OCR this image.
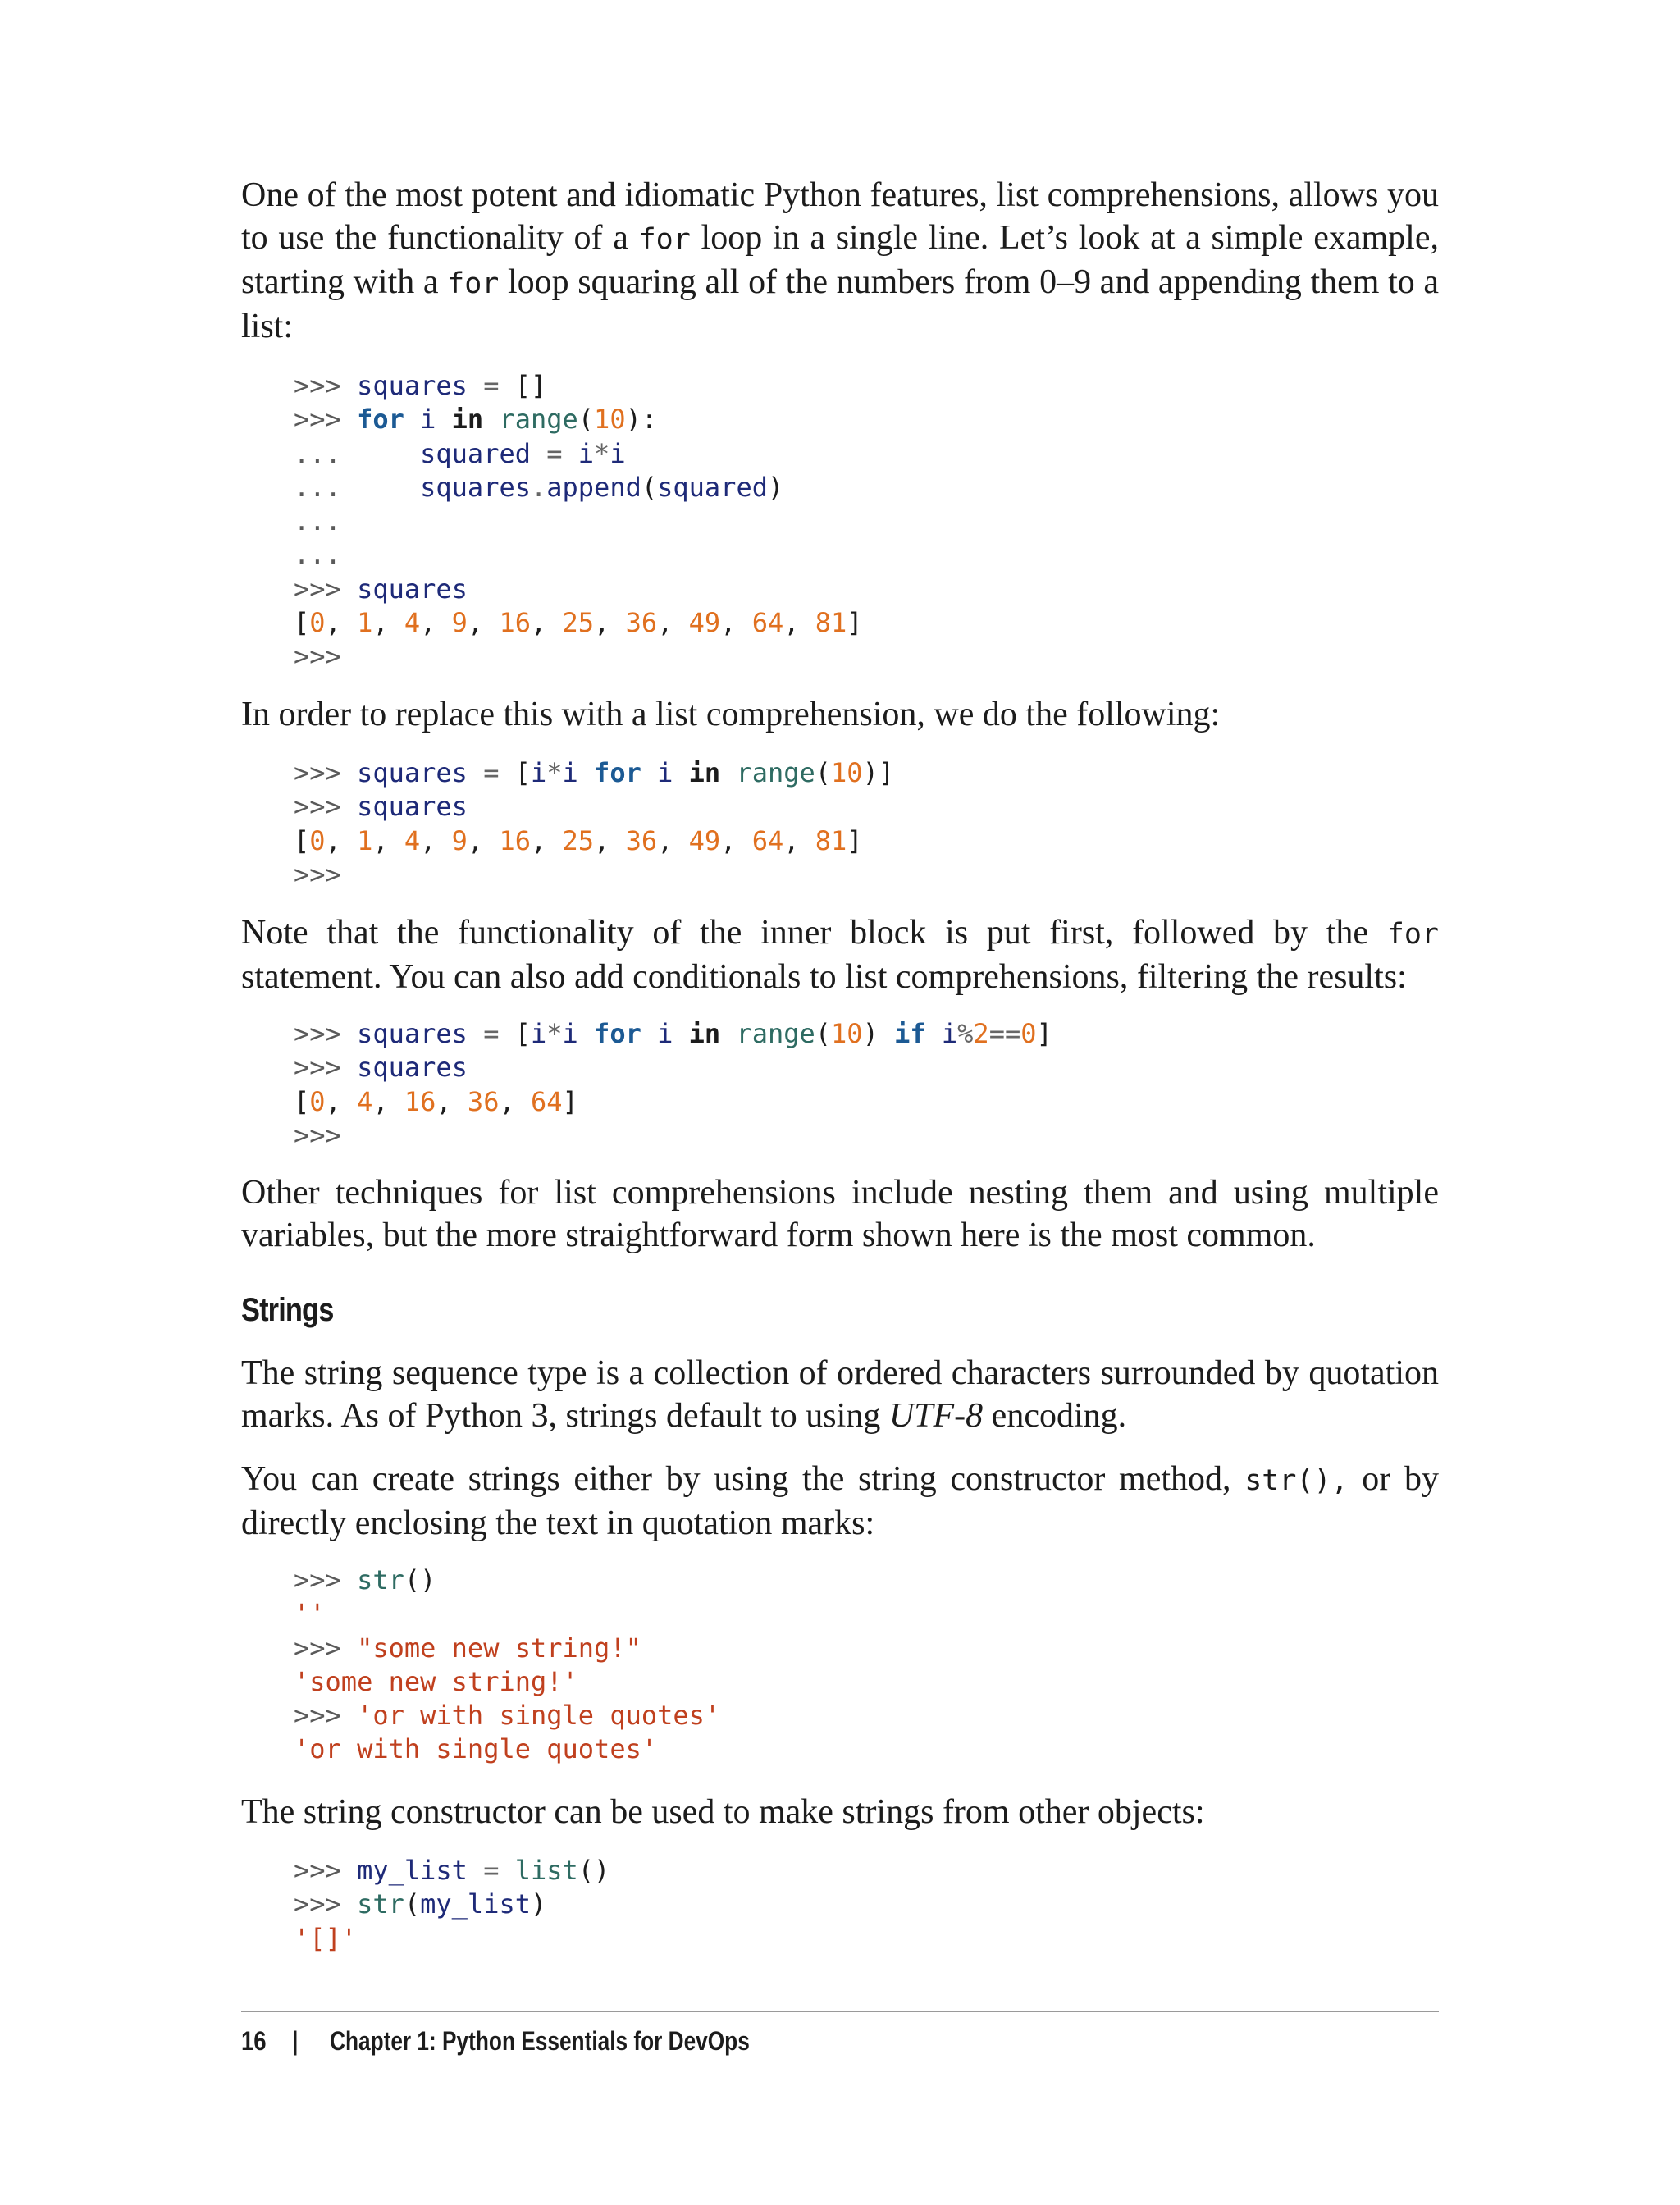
One of the most potent and idiomatic Python features, list comprehensions, allows you to use the functionality of a for loop in a single line. Let’s look at a simple example, starting with a for loop squaring all of the numbers from 0–9 and appending them to a list:

>>> squares = []
>>> for i in range(10):
...     squared = i*i
...     squares.append(squared)
...
...
>>> squares
[0, 1, 4, 9, 16, 25, 36, 49, 64, 81]
>>>

In order to replace this with a list comprehension, we do the following:

>>> squares = [i*i for i in range(10)]
>>> squares
[0, 1, 4, 9, 16, 25, 36, 49, 64, 81]
>>>

Note that the functionality of the inner block is put first, followed by the for statement. You can also add conditionals to list comprehensions, filtering the results:

>>> squares = [i*i for i in range(10) if i%2==0]
>>> squares
[0, 4, 16, 36, 64]
>>>

Other techniques for list comprehensions include nesting them and using multiple variables, but the more straightforward form shown here is the most common.

Strings

The string sequence type is a collection of ordered characters surrounded by quotation marks. As of Python 3, strings default to using UTF-8 encoding.

You can create strings either by using the string constructor method, str(), or by directly enclosing the text in quotation marks:

>>> str()
''
>>> "some new string!"
'some new string!'
>>> 'or with single quotes'
'or with single quotes'

The string constructor can be used to make strings from other objects:

>>> my_list = list()
>>> str(my_list)
'[]'
16 | Chapter 1: Python Essentials for DevOps
